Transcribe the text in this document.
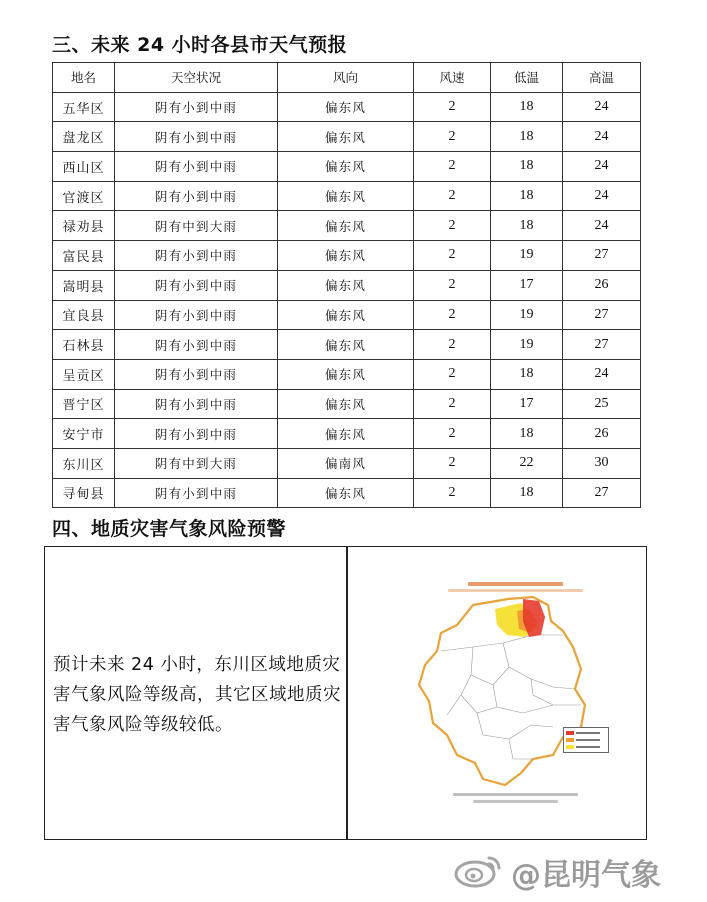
三、未来 24 小时各县市天气预报
地名	天空状况	风向	风速	低温	高温
五华区	阴有小到中雨	偏东风	2	18	24
盘龙区	阴有小到中雨	偏东风	2	18	24
西山区	阴有小到中雨	偏东风	2	18	24
官渡区	阴有小到中雨	偏东风	2	18	24
禄劝县	阴有中到大雨	偏东风	2	18	24
富民县	阴有小到中雨	偏东风	2	19	27
嵩明县	阴有小到中雨	偏东风	2	17	26
宜良县	阴有小到中雨	偏东风	2	19	27
石林县	阴有小到中雨	偏东风	2	19	27
呈贡区	阴有小到中雨	偏东风	2	18	24
晋宁区	阴有小到中雨	偏东风	2	17	25
安宁市	阴有小到中雨	偏东风	2	18	26
东川区	阴有中到大雨	偏南风	2	22	30
寻甸县	阴有小到中雨	偏东风	2	18	27
四、地质灾害气象风险预警
预计未来 24 小时，东川区域地质灾害气象风险等级高，其它区域地质灾害气象风险等级较低。
@昆明气象
